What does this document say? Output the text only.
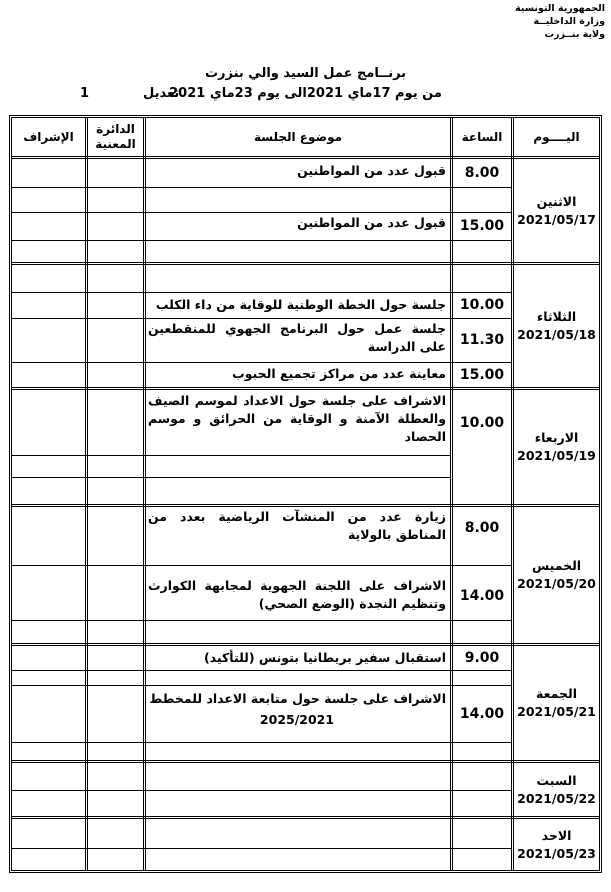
الجمهورية التونسية
وزارة الداخليــة
ولاية بنــزرت
برنــامج عمل السيد والي بنزرت
من يوم 17ماي 2021الى يوم 23ماي 2021
تعديل
1
اليــــوم
الساعة
موضوع الجلسة
الدائرة المعنية
الإشراف
الاثنين
2021/05/17
الثلاثاء
2021/05/18
الاربعاء
2021/05/19
الخميس
2021/05/20
الجمعة
2021/05/21
السبت
2021/05/22
الاحد
2021/05/23
8.00
قبول عدد من المواطنين
15.00
قبول عدد من المواطنين
10.00
جلسة حول الخطة الوطنية للوقاية من داء الكلب
11.30
جلسة عمل حول البرنامج الجهوي للمنقطعين على الدراسة
15.00
معاينة عدد من مراكز تجميع الحبوب
10.00
الاشراف على جلسة حول الاعداد لموسم الصيف والعطلة الآمنة و الوقاية من الحرائق و موسم الحصاد
8.00
زيارة عدد من المنشآت الرياضية بعدد من المناطق بالولاية
14.00
الاشراف على اللجنة الجهوية لمجابهة الكوارث وتنظيم النجدة (الوضع الصحي)
9.00
استقبال سفير بريطانيا بتونس (للتأكيد)
14.00
الاشراف على جلسة حول متابعة الاعداد للمخطط
2025/2021
